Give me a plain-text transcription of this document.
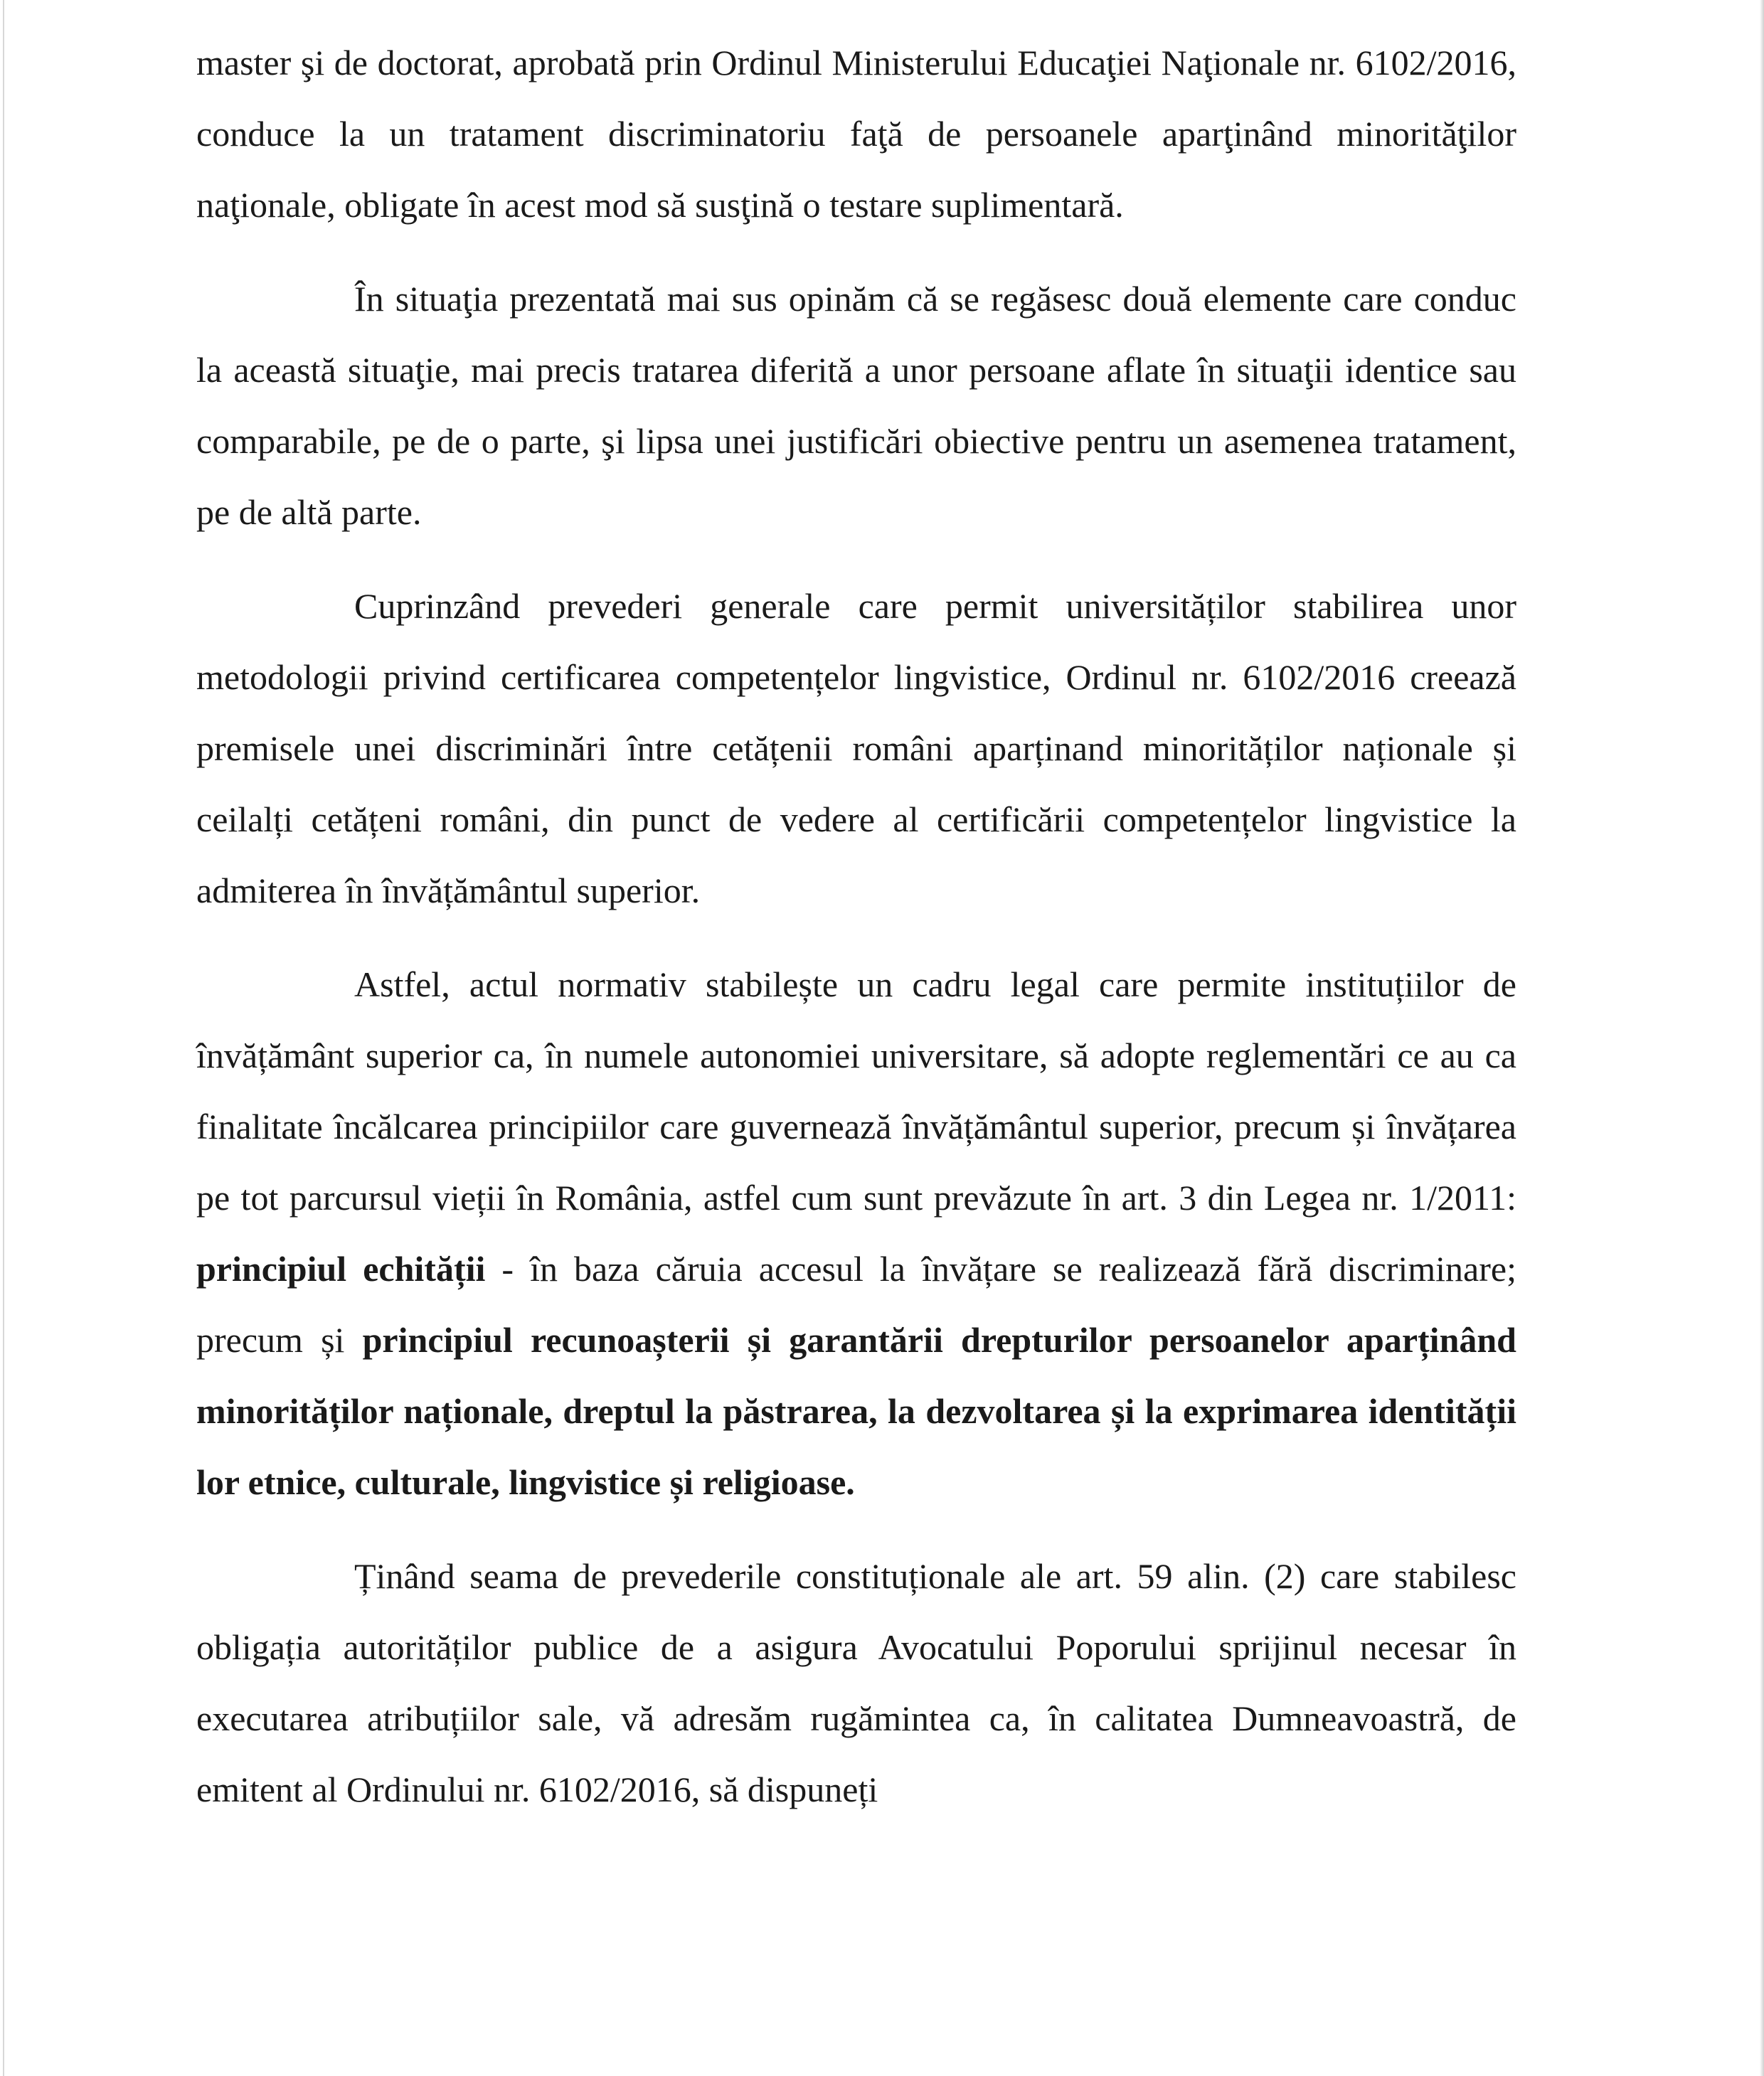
master şi de doctorat, aprobată prin Ordinul Ministerului Educaţiei Naţionale nr. 6102/2016, conduce la un tratament discriminatoriu faţă de persoanele aparţinând minorităţilor naţionale, obligate în acest mod să susţină o testare suplimentară.

În situaţia prezentată mai sus opinăm că se regăsesc două elemente care conduc la această situaţie, mai precis tratarea diferită a unor persoane aflate în situaţii identice sau comparabile, pe de o parte, şi lipsa unei justificări obiective pentru un asemenea tratament, pe de altă parte.

Cuprinzând prevederi generale care permit universităților stabilirea unor metodologii privind certificarea competențelor lingvistice, Ordinul nr. 6102/2016 creează premisele unei discriminări între cetățenii români aparținand minorităților naționale și ceilalți cetățeni români, din punct de vedere al certificării competențelor lingvistice la admiterea în învățământul superior.

Astfel, actul normativ stabilește un cadru legal care permite instituțiilor de învățământ superior ca, în numele autonomiei universitare, să adopte reglementări ce au ca finalitate încălcarea principiilor care guvernează învățământul superior, precum și învățarea pe tot parcursul vieții în România, astfel cum sunt prevăzute în art. 3 din Legea nr. 1/2011: principiul echității - în baza căruia accesul la învățare se realizează fără discriminare; precum și principiul recunoașterii și garantării drepturilor persoanelor aparținând minorităților naționale, dreptul la păstrarea, la dezvoltarea și la exprimarea identității lor etnice, culturale, lingvistice și religioase.

Ținând seama de prevederile constituționale ale art. 59 alin. (2) care stabilesc obligația autorităților publice de a asigura Avocatului Poporului sprijinul necesar în executarea atribuțiilor sale, vă adresăm rugămintea ca, în calitatea Dumneavoastră, de emitent al Ordinului nr. 6102/2016, să dispuneți
